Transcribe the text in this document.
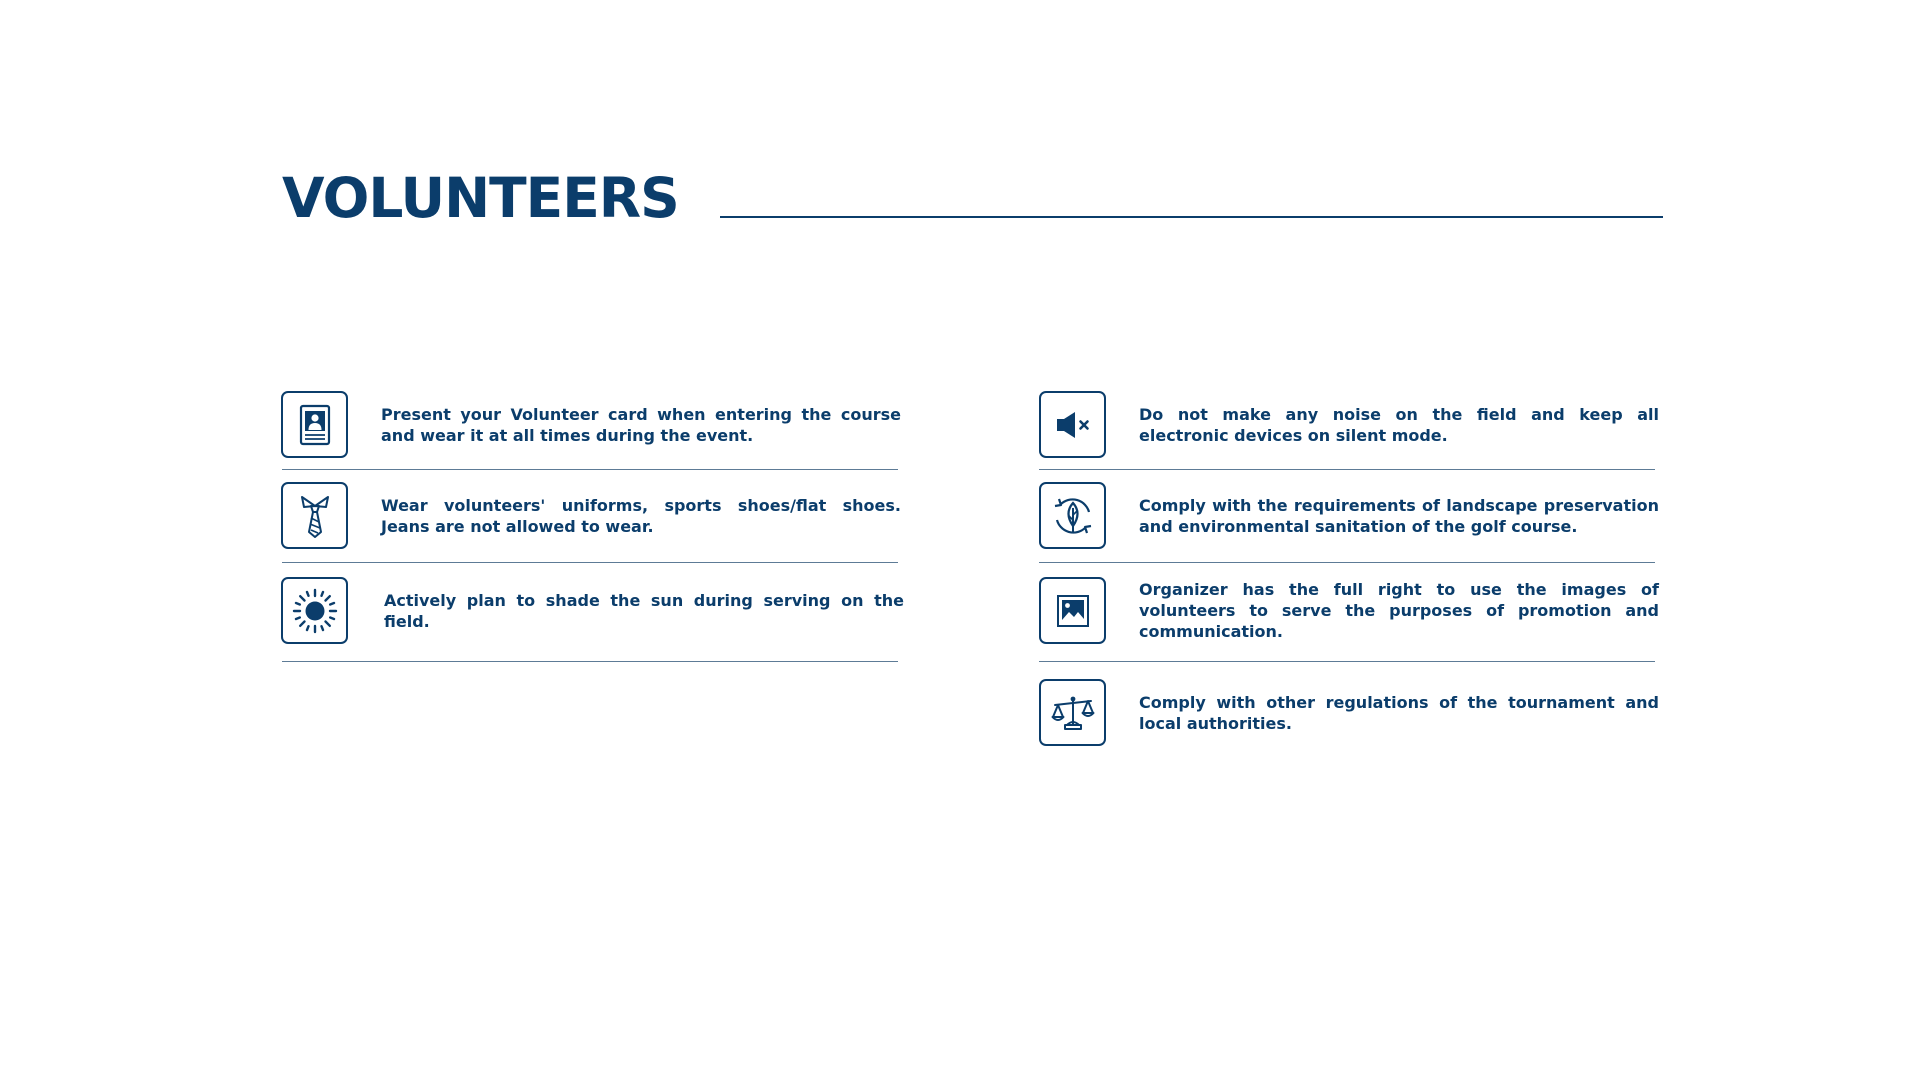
VOLUNTEERS
Present your Volunteer card when entering the course and wear it at all times during the event.
Wear volunteers' uniforms, sports shoes/flat shoes. Jeans are not allowed to wear.
Actively plan to shade the sun during serving on the field.
Do not make any noise on the field and keep all electronic devices on silent mode.
Comply with the requirements of landscape preservation and environmental sanitation of the golf course.
Organizer has the full right to use the images of volunteers to serve the purposes of promotion and communication.
Comply with other regulations of the tournament and local authorities.
